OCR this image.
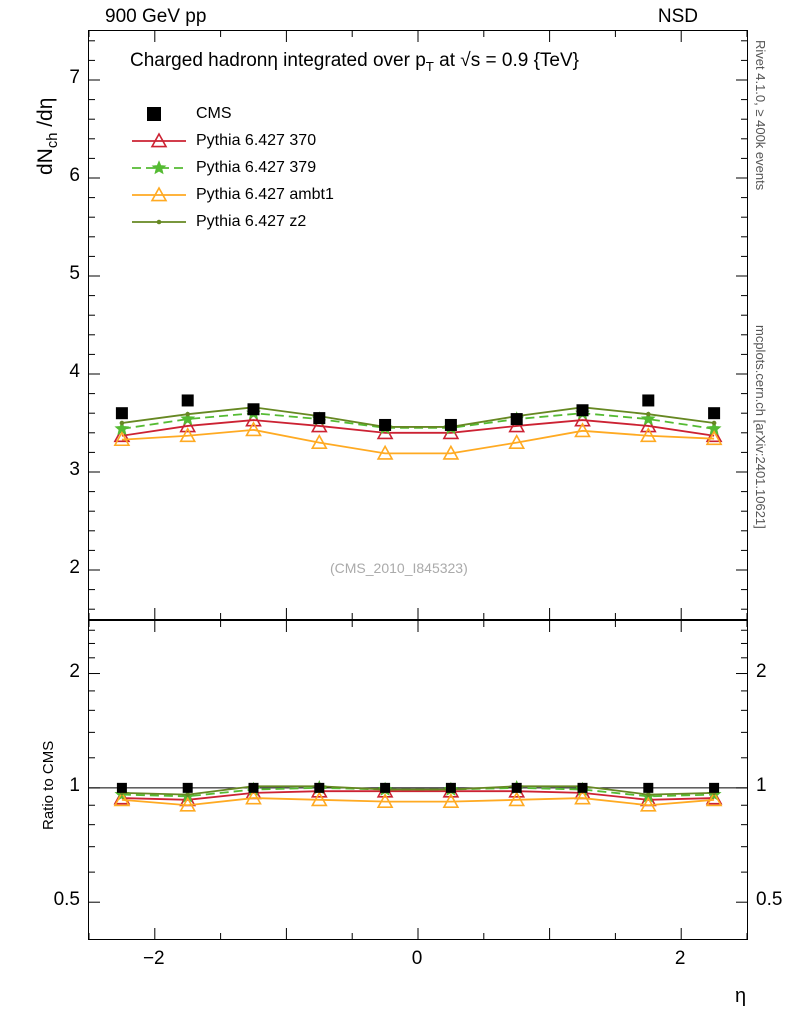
900 GeV pp	NSD
Rivet 4.1.0, ≥ 400k events
mcplots.cern.ch [arXiv:2401.10621]
$dN_{ch}$ /dη
Ratio to CMS
η
Charged hadronη integrated over $p_T$ at √s = 0.9 {TeV}
CMS
Pythia 6.427 370
Pythia 6.427 379
Pythia 6.427 ambt1
Pythia 6.427 z2
(CMS_2010_I845323)
2
3
4
5
6
7
0.5	0.5
1	1
2	2
−2	0	2
